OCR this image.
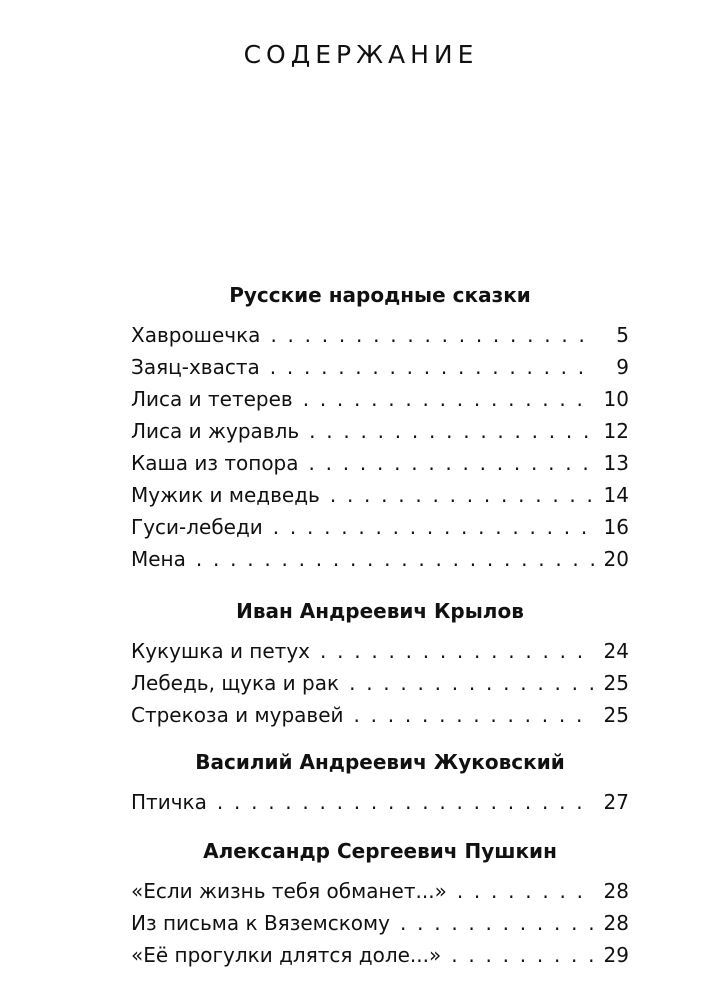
СОДЕРЖАНИЕ
Русские народные сказки
Хаврошечка . . .	5
Заяц-хваста . . .	9
Лиса и тетерев . . .	10
Лиса и журавль . . .	12
Каша из топора . . .	13
Мужик и медведь . . .	14
Гуси-лебеди . . .	16
Мена . . .	20
Иван Андреевич Крылов
Кукушка и петух . . .	24
Лебедь, щука и рак . . .	25
Стрекоза и муравей . . .	25
Василий Андреевич Жуковский
Птичка . . .	27
Александр Сергеевич Пушкин
«Если жизнь тебя обманет...» . . .	28
Из письма к Вяземскому . . .	28
«Её прогулки длятся доле...» . . .	29
